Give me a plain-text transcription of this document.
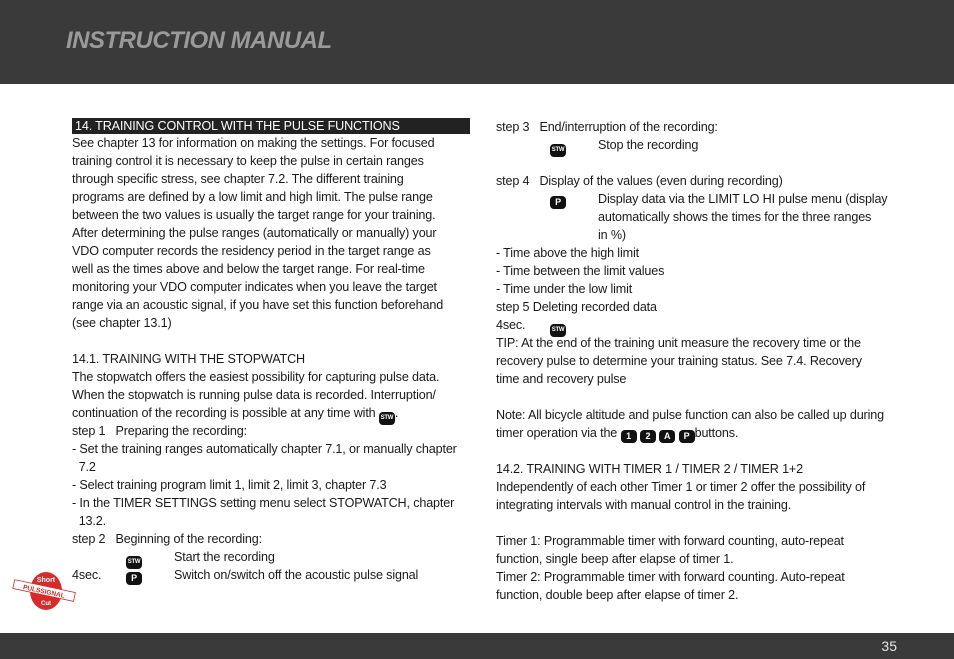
INSTRUCTION MANUAL
14. TRAINING CONTROL WITH THE PULSE FUNCTIONS
See chapter 13 for information on making the settings. For focused
training control it is necessary to keep the pulse in certain ranges
through specific stress, see chapter 7.2. The different training
programs are defined by a low limit and high limit. The pulse range
between the two values is usually the target range for your training.
After determining the pulse ranges (automatically or manually) your
VDO computer records the residency period in the target range as
well as the times above and below the target range. For real-time
monitoring your VDO computer indicates when you leave the target
range via an acoustic signal, if you have set this function beforehand
(see chapter 13.1)
14.1. TRAINING WITH THE STOPWATCH
The stopwatch offers the easiest possibility for capturing pulse data.
When the stopwatch is running pulse data is recorded. Interruption/
continuation of the recording is possible at any time with STW .
step 1   Preparing the recording:
- Set the training ranges automatically chapter 7.1, or manually chapter
7.2
- Select training program limit 1, limit 2, limit 3, chapter 7.3
- In the TIMER SETTINGS setting menu select STOPWATCH, chapter
13.2.
step 2   Beginning of the recording:
STW	Start the recording
4sec.	P	Switch on/switch off the acoustic pulse signal
step 3   End/interruption of the recording:
STW	Stop the recording
step 4   Display of the values (even during recording)
P	Display data via the LIMIT LO HI pulse menu (display
automatically shows the times for the three ranges
in %)
- Time above the high limit
- Time between the limit values
- Time under the low limit
step 5 Deleting recorded data
4sec.	STW
TIP: At the end of the training unit measure the recovery time or the
recovery pulse to determine your training status. See 7.4. Recovery
time and recovery pulse
Note: All bicycle altitude and pulse function can also be called up during
timer operation via the 1 2 A P buttons.
14.2. TRAINING WITH TIMER 1 / TIMER 2 / TIMER 1+2
Independently of each other Timer 1 or timer 2 offer the possibility of
integrating intervals with manual control in the training.
Timer 1: Programmable timer with forward counting, auto-repeat
function, single beep after elapse of timer 1.
Timer 2: Programmable timer with forward counting. Auto-repeat
function, double beep after elapse of timer 2.
Short
PULSSIGNAL
Cut
35
